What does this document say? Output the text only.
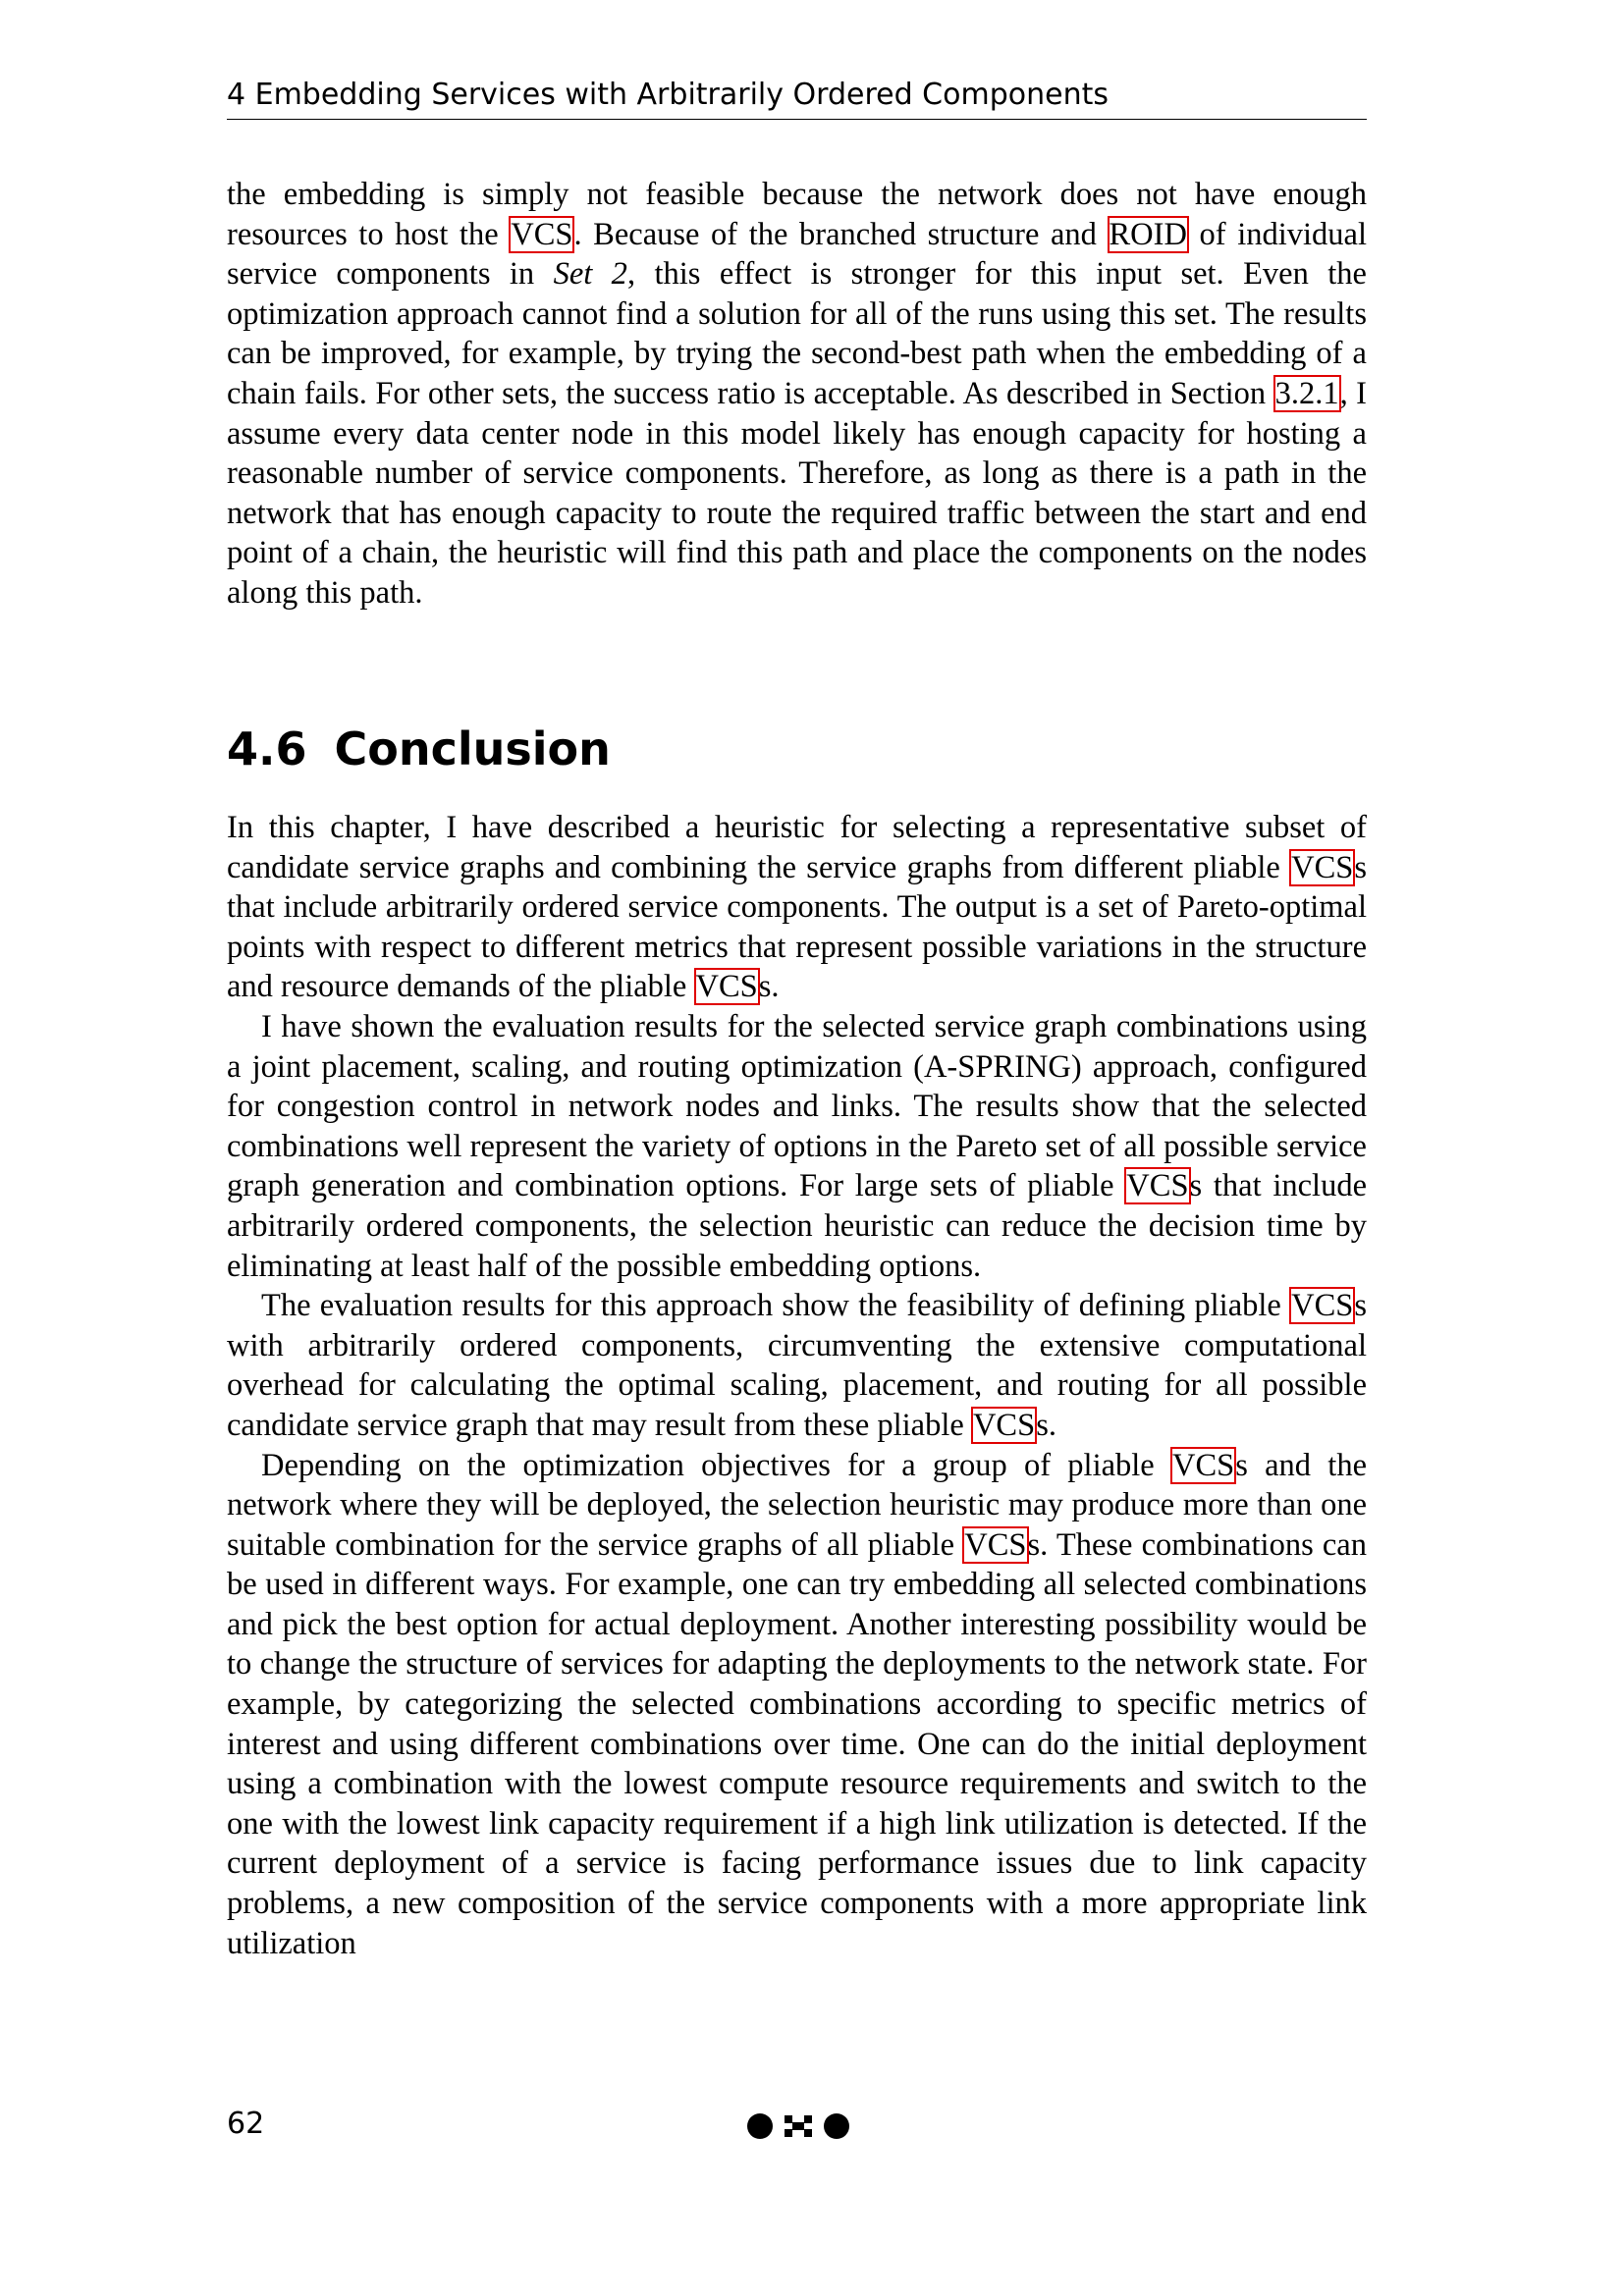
4 Embedding Services with Arbitrarily Ordered Components

the embedding is simply not feasible because the network does not have enough resources to host the VCS. Because of the branched structure and ROID of individual service components in Set 2, this effect is stronger for this input set. Even the optimization approach cannot find a solution for all of the runs using this set. The results can be improved, for example, by trying the second-best path when the embedding of a chain fails. For other sets, the success ratio is acceptable. As described in Section 3.2.1, I assume every data center node in this model likely has enough capacity for hosting a reasonable number of service components. Therefore, as long as there is a path in the network that has enough capacity to route the required traffic between the start and end point of a chain, the heuristic will find this path and place the components on the nodes along this path.

4.6 Conclusion

In this chapter, I have described a heuristic for selecting a representative subset of candidate service graphs and combining the service graphs from different pliable VCSs that include arbitrarily ordered service components. The output is a set of Pareto-optimal points with respect to different metrics that represent possible variations in the structure and resource demands of the pliable VCSs.

I have shown the evaluation results for the selected service graph combinations using a joint placement, scaling, and routing optimization (A-SPRING) approach, configured for congestion control in network nodes and links. The results show that the selected combinations well represent the variety of options in the Pareto set of all possible service graph generation and combination options. For large sets of pliable VCSs that include arbitrarily ordered components, the selection heuristic can reduce the decision time by eliminating at least half of the possible embedding options.

The evaluation results for this approach show the feasibility of defining pliable VCSs with arbitrarily ordered components, circumventing the extensive computational overhead for calculating the optimal scaling, placement, and routing for all possible candidate service graph that may result from these pliable VCSs.

Depending on the optimization objectives for a group of pliable VCSs and the network where they will be deployed, the selection heuristic may produce more than one suitable combination for the service graphs of all pliable VCSs. These combinations can be used in different ways. For example, one can try embedding all selected combinations and pick the best option for actual deployment. Another interesting possibility would be to change the structure of services for adapting the deployments to the network state. For example, by categorizing the selected combinations according to specific metrics of interest and using different combinations over time. One can do the initial deployment using a combination with the lowest compute resource requirements and switch to the one with the lowest link capacity requirement if a high link utilization is detected. If the current deployment of a service is facing performance issues due to link capacity problems, a new composition of the service components with a more appropriate link utilization

62
